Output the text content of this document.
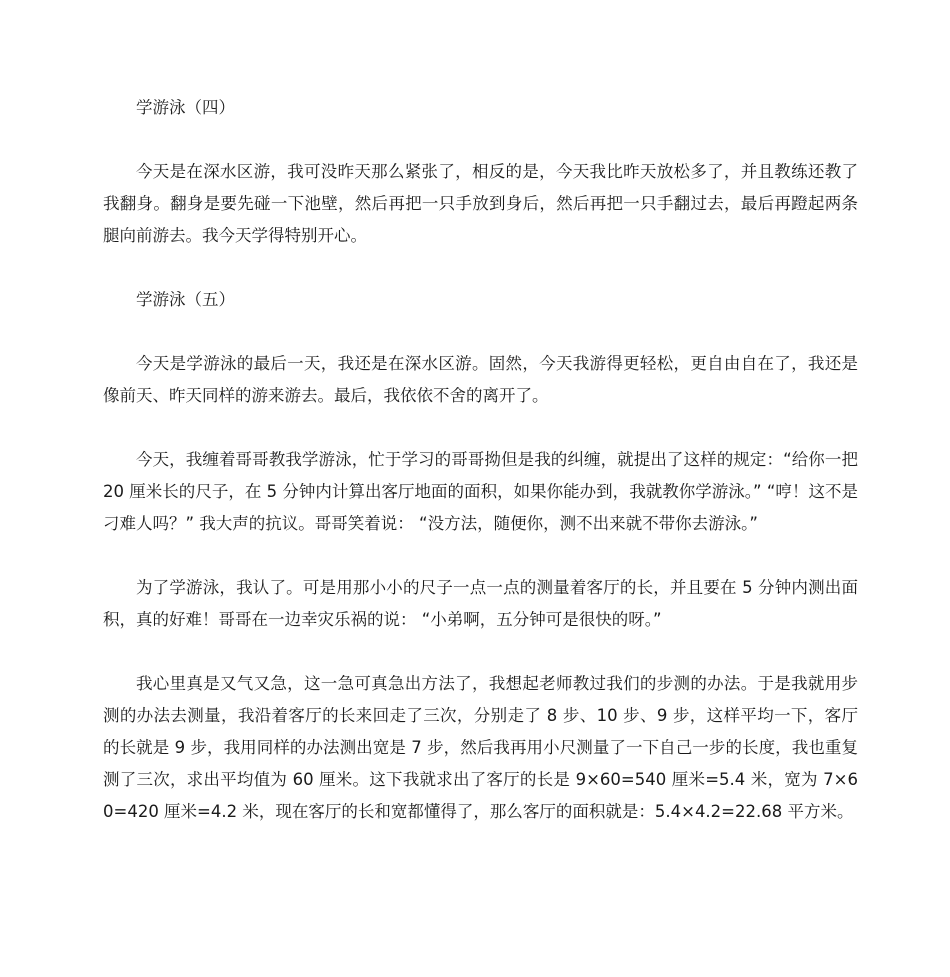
学游泳（四）

今天是在深水区游，我可没昨天那么紧张了，相反的是，今天我比昨天放松多了，并且教练还教了我翻身。翻身是要先碰一下池壁，然后再把一只手放到身后，然后再把一只手翻过去，最后再蹬起两条腿向前游去。我今天学得特别开心。

学游泳（五）

今天是学游泳的最后一天，我还是在深水区游。固然，今天我游得更轻松，更自由自在了，我还是像前天、昨天同样的游来游去。最后，我依依不舍的离开了。

今天，我缠着哥哥教我学游泳，忙于学习的哥哥拗但是我的纠缠，就提出了这样的规定：“给你一把 20 厘米长的尺子，在 5 分钟内计算出客厅地面的面积，如果你能办到，我就教你学游泳。” “哼！这不是刁难人吗？” 我大声的抗议。哥哥笑着说： “没方法，随便你，测不出来就不带你去游泳。”

为了学游泳，我认了。可是用那小小的尺子一点一点的测量着客厅的长，并且要在 5 分钟内测出面积，真的好难！哥哥在一边幸灾乐祸的说： “小弟啊，五分钟可是很快的呀。”

我心里真是又气又急，这一急可真急出方法了，我想起老师教过我们的步测的办法。于是我就用步测的办法去测量，我沿着客厅的长来回走了三次，分别走了 8 步、10 步、9 步，这样平均一下，客厅的长就是 9 步，我用同样的办法测出宽是 7 步，然后我再用小尺测量了一下自己一步的长度，我也重复测了三次，求出平均值为 60 厘米。这下我就求出了客厅的长是 9×60=540 厘米=5.4 米，宽为 7×60=420 厘米=4.2 米，现在客厅的长和宽都懂得了，那么客厅的面积就是：5.4×4.2=22.68 平方米。
